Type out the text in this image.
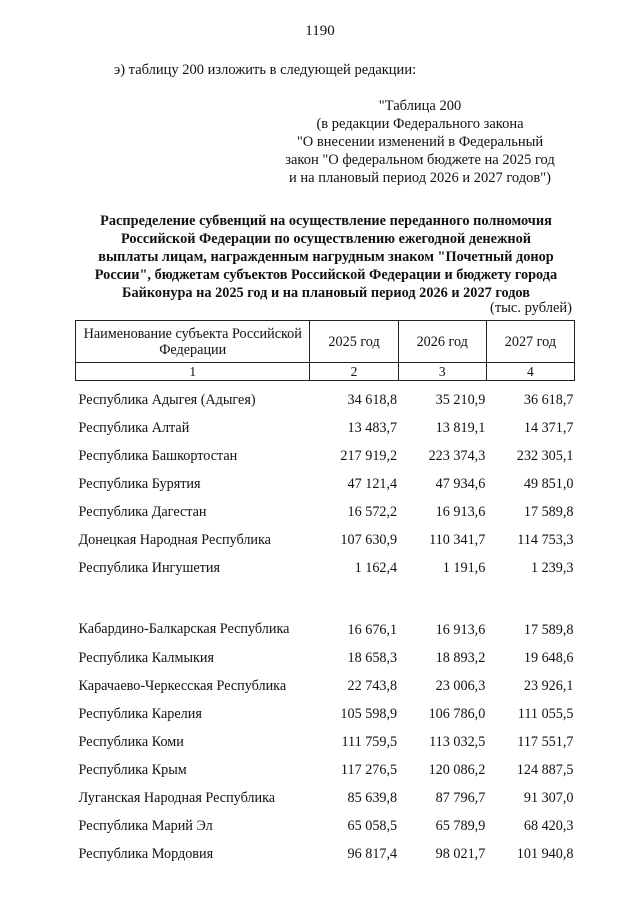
1190
э) таблицу 200 изложить в следующей редакции:
"Таблица 200
(в редакции Федерального закона
"О внесении изменений в Федеральный
закон "О федеральном бюджете на 2025 год
и на плановый период 2026 и 2027 годов")
Распределение субвенций на осуществление переданного полномочия
Российской Федерации по осуществлению ежегодной денежной
выплаты лицам, награжденным нагрудным знаком "Почетный донор
России", бюджетам субъектов Российской Федерации и бюджету города
Байконура на 2025 год и на плановый период 2026 и 2027 годов
(тыс. рублей)
Наименование субъекта Российской Федерации	2025 год	2026 год	2027 год
1	2	3	4
Республика Адыгея (Адыгея)	34 618,8	35 210,9	36 618,7
Республика Алтай	13 483,7	13 819,1	14 371,7
Республика Башкортостан	217 919,2	223 374,3	232 305,1
Республика Бурятия	47 121,4	47 934,6	49 851,0
Республика Дагестан	16 572,2	16 913,6	17 589,8
Донецкая Народная Республика	107 630,9	110 341,7	114 753,3
Республика Ингушетия	1 162,4	1 191,6	1 239,3
Кабардино-Балкарская Республика	16 676,1	16 913,6	17 589,8
Республика Калмыкия	18 658,3	18 893,2	19 648,6
Карачаево-Черкесская Республика	22 743,8	23 006,3	23 926,1
Республика Карелия	105 598,9	106 786,0	111 055,5
Республика Коми	111 759,5	113 032,5	117 551,7
Республика Крым	117 276,5	120 086,2	124 887,5
Луганская Народная Республика	85 639,8	87 796,7	91 307,0
Республика Марий Эл	65 058,5	65 789,9	68 420,3
Республика Мордовия	96 817,4	98 021,7	101 940,8
